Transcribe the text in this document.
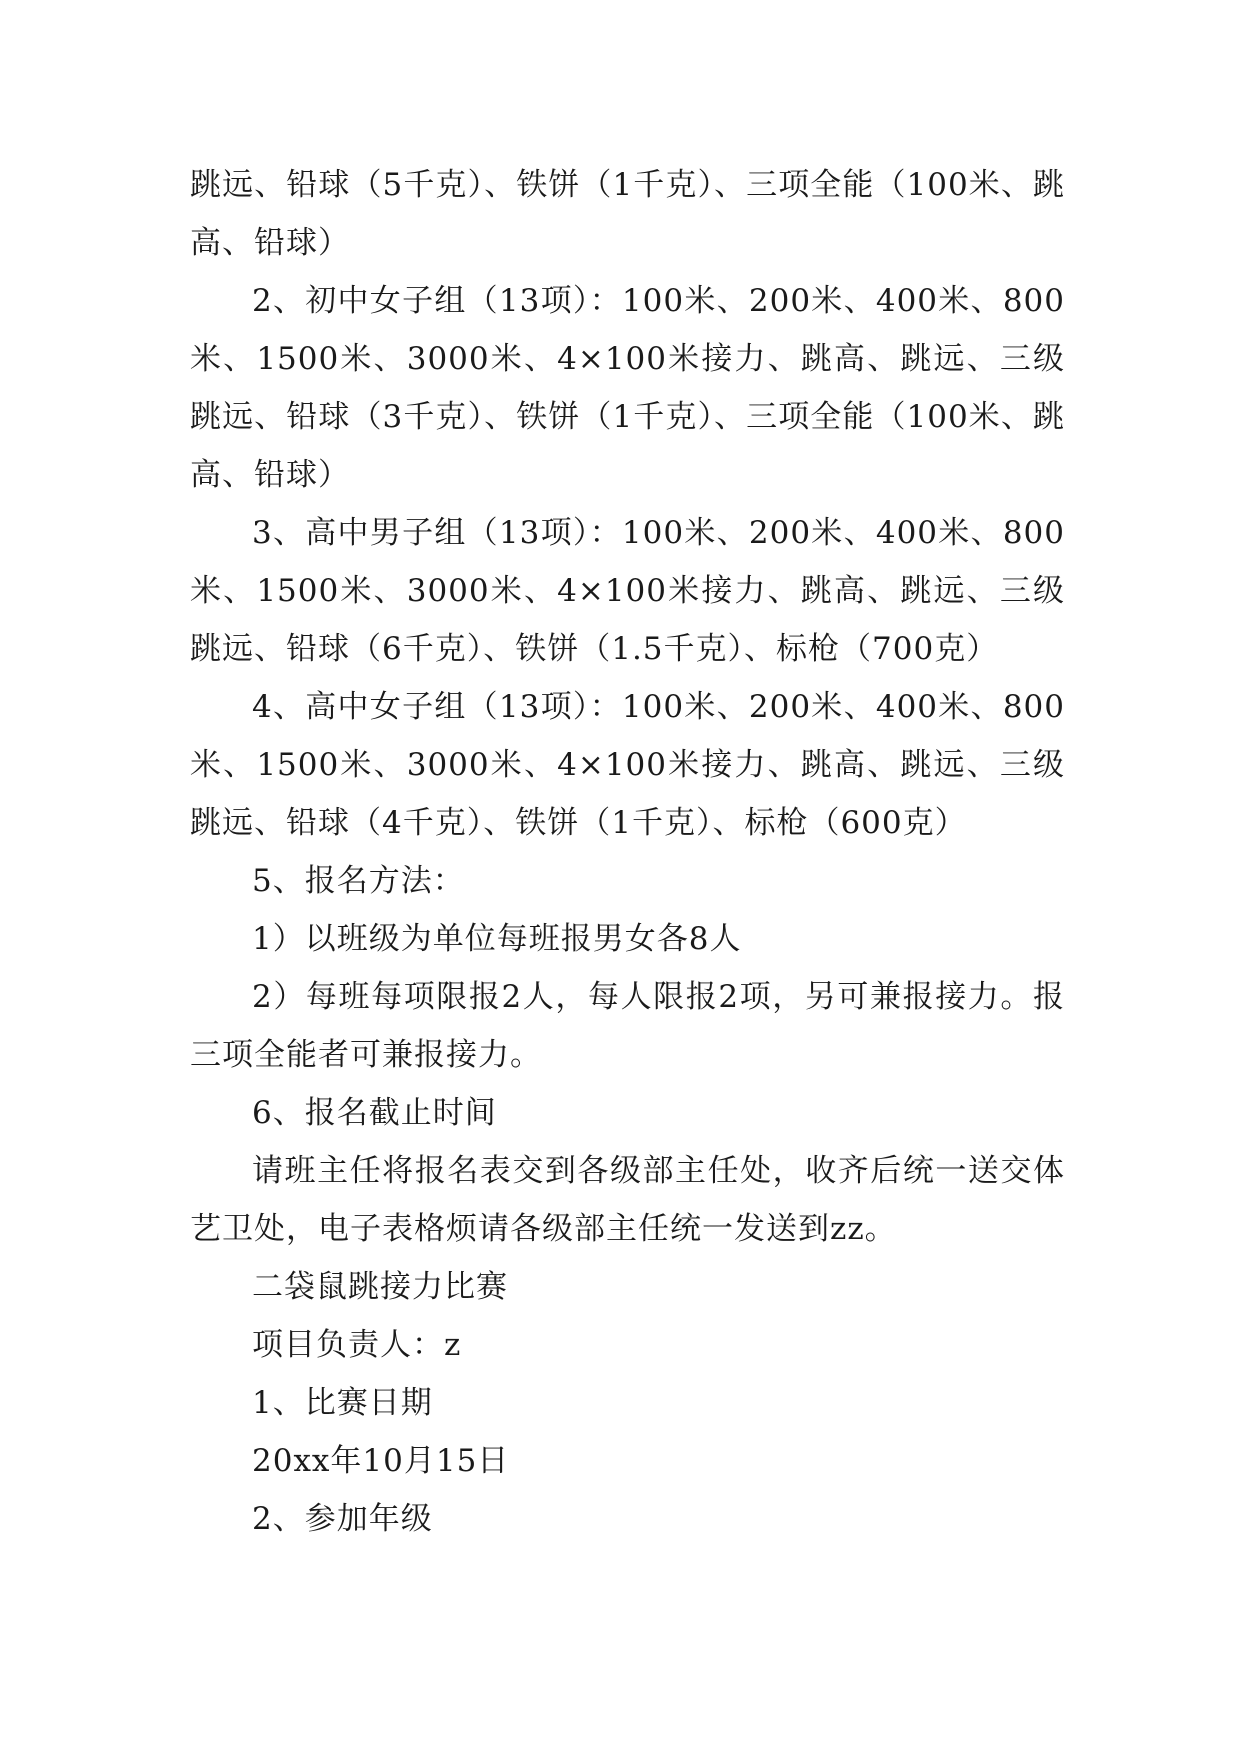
跳远、铅球（5千克）、铁饼（1千克）、三项全能（100米、跳高、铅球）

2、初中女子组（13项）：100米、200米、400米、800米、1500米、3000米、4×100米接力、跳高、跳远、三级跳远、铅球（3千克）、铁饼（1千克）、三项全能（100米、跳高、铅球）

3、高中男子组（13项）：100米、200米、400米、800米、1500米、3000米、4×100米接力、跳高、跳远、三级跳远、铅球（6千克）、铁饼（1.5千克）、标枪（700克）

4、高中女子组（13项）：100米、200米、400米、800米、1500米、3000米、4×100米接力、跳高、跳远、三级跳远、铅球（4千克）、铁饼（1千克）、标枪（600克）

5、报名方法：

1）以班级为单位每班报男女各8人

2）每班每项限报2人，每人限报2项，另可兼报接力。报三项全能者可兼报接力。

6、报名截止时间

请班主任将报名表交到各级部主任处，收齐后统一送交体艺卫处，电子表格烦请各级部主任统一发送到zz。

二袋鼠跳接力比赛

项目负责人：z

1、比赛日期

20xx年10月15日

2、参加年级
